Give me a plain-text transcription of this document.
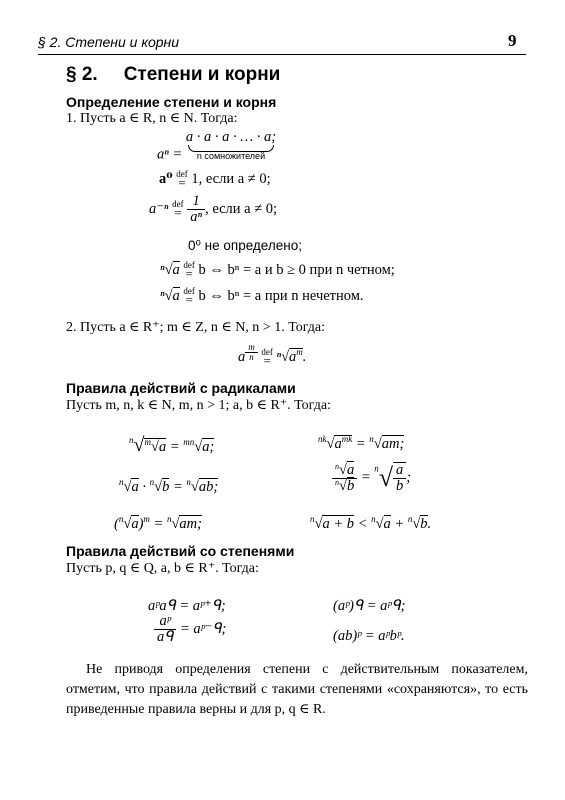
§ 2. Степени и корни	9
§ 2. Степени и корни
Определение степени и корня
1. Пусть a ∈ R, n ∈ N. Тогда:
aⁿ = a · a · a · … · a;
n сомножителей
a⁰ def
= 1, если a ≠ 0;
a⁻ⁿ def
= $\frac{1}{\text{aⁿ}}$ , если a ≠ 0;
0⁰ не определено;
ⁿ√a def
= b ⇔ bⁿ = a и b ≥ 0 при n четном;
ⁿ√a def
= b ⇔ bⁿ = a при n нечетном.
2. Пусть a ∈ R⁺; m ∈ Z, n ∈ N, n > 1. Тогда:
a $^{\frac{m}{n}}$
def
= $^n√a^m$.
Правила действий с радикалами
Пусть m, n, k ∈ N, m, n > 1; a, b ∈ R⁺. Тогда:
$^n$√$^m$√a = $^{mn}$√a;	$^{nk}√a^{mk} = ^n√am$;
$^n$√a · $^n$√b = $^n$√ab;	$\frac{^n√a}{^n√b} = ^n√ \frac{a}{b}$ ;
$(^n√a)^m = ^n√am$;	$^n$√a + b < $^n$√a + $^n$√b.
Правила действий со степенями
Пусть p, q ∈ Q, a, b ∈ R⁺. Тогда:
aᵖaᑫ = aᵖ⁺ᑫ;	(aᵖ)ᑫ = aᵖᑫ;
$\frac{\text{aᵖ}}{\text{aᑫ}}$ = aᵖ⁻ᑫ;	(ab)ᵖ = aᵖbᵖ.
Не приводя определения степени с действительным показателем, отметим, что правила действий с такими степенями «сохраняются», то есть приведенные правила верны и для p, q ∈ R.
